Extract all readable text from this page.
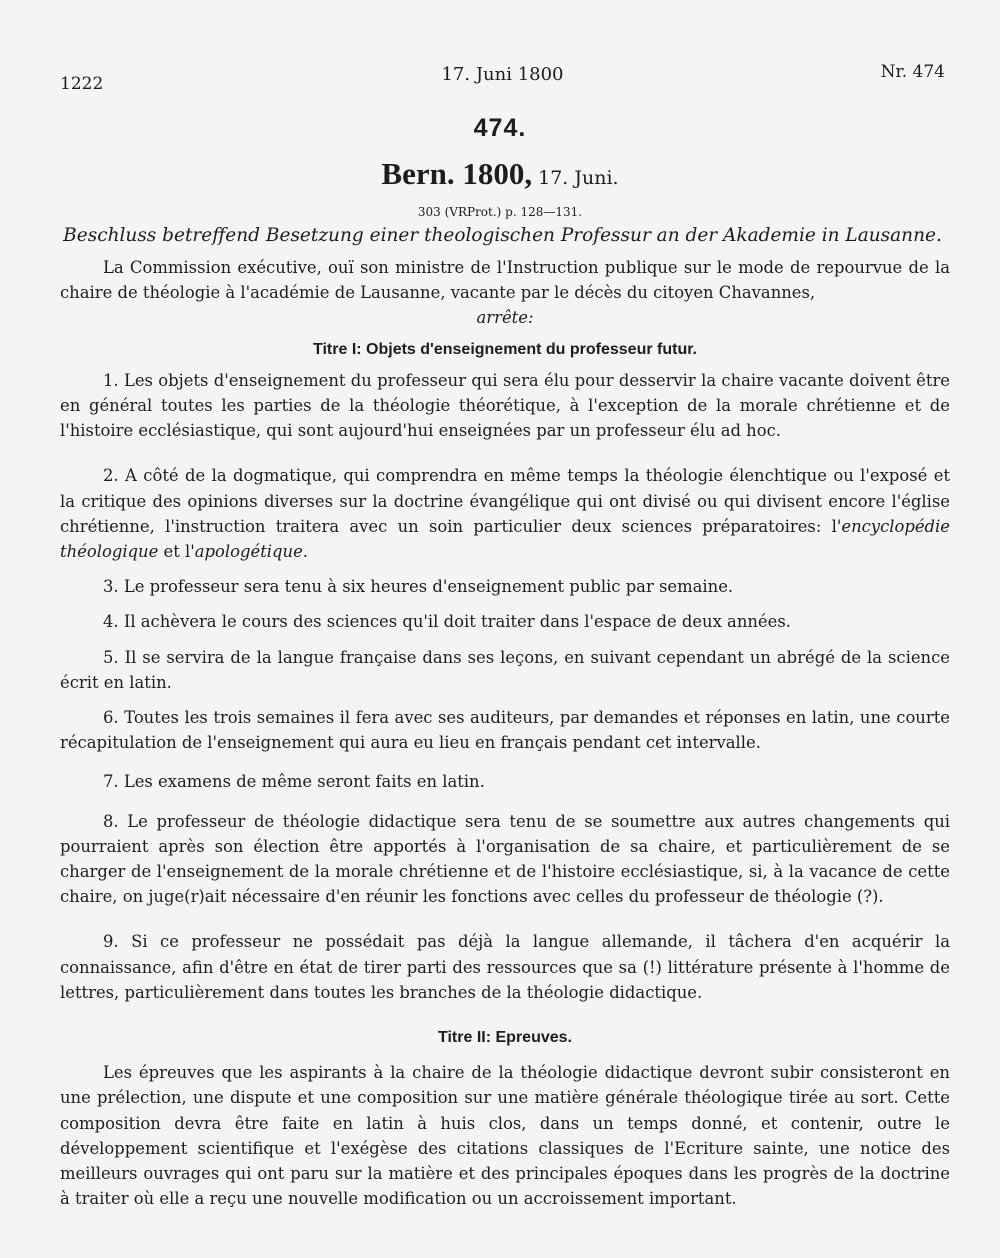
1222	17. Juni 1800	Nr. 474
474.
Bern. 1800, 17. Juni.
303 (VRProt.) p. 128—131.
Beschluss betreffend Besetzung einer theologischen Professur an der Akademie in Lausanne.

La Commission exécutive, ouï son ministre de l'Instruction publique sur le mode de repourvue de la chaire de théologie à l'académie de Lausanne, vacante par le décès du citoyen Chavannes,

arrête:

Titre I: Objets d'enseignement du professeur futur.

1. Les objets d'enseignement du professeur qui sera élu pour desservir la chaire vacante doivent être en général toutes les parties de la théologie théorétique, à l'exception de la morale chrétienne et de l'histoire ecclésiastique, qui sont aujourd'hui enseignées par un professeur élu ad hoc.

2. A côté de la dogmatique, qui comprendra en même temps la théologie élenchtique ou l'exposé et la critique des opinions diverses sur la doctrine évangélique qui ont divisé ou qui divisent encore l'église chrétienne, l'instruction traitera avec un soin particulier deux sciences préparatoires: l'encyclopédie théologique et l'apologétique.

3. Le professeur sera tenu à six heures d'enseignement public par semaine.

4. Il achèvera le cours des sciences qu'il doit traiter dans l'espace de deux années.

5. Il se servira de la langue française dans ses leçons, en suivant cependant un abrégé de la science écrit en latin.

6. Toutes les trois semaines il fera avec ses auditeurs, par demandes et réponses en latin, une courte récapitulation de l'enseignement qui aura eu lieu en français pendant cet intervalle.

7. Les examens de même seront faits en latin.

8. Le professeur de théologie didactique sera tenu de se soumettre aux autres changements qui pourraient après son élection être apportés à l'organisation de sa chaire, et particulièrement de se charger de l'enseignement de la morale chrétienne et de l'histoire ecclésiastique, si, à la vacance de cette chaire, on juge(r)ait nécessaire d'en réunir les fonctions avec celles du professeur de théologie (?).

9. Si ce professeur ne possédait pas déjà la langue allemande, il tâchera d'en acquérir la connaissance, afin d'être en état de tirer parti des ressources que sa (!) littérature présente à l'homme de lettres, particulièrement dans toutes les branches de la théologie didactique.

Titre II: Epreuves.

Les épreuves que les aspirants à la chaire de la théologie didactique devront subir consisteront en une prélection, une dispute et une composition sur une matière générale théologique tirée au sort. Cette composition devra être faite en latin à huis clos, dans un temps donné, et contenir, outre le développement scientifique et l'exégèse des citations classiques de l'Ecriture sainte, une notice des meilleurs ouvrages qui ont paru sur la matière et des principales époques dans les progrès de la doctrine à traiter où elle a reçu une nouvelle modification ou un accroissement important.
